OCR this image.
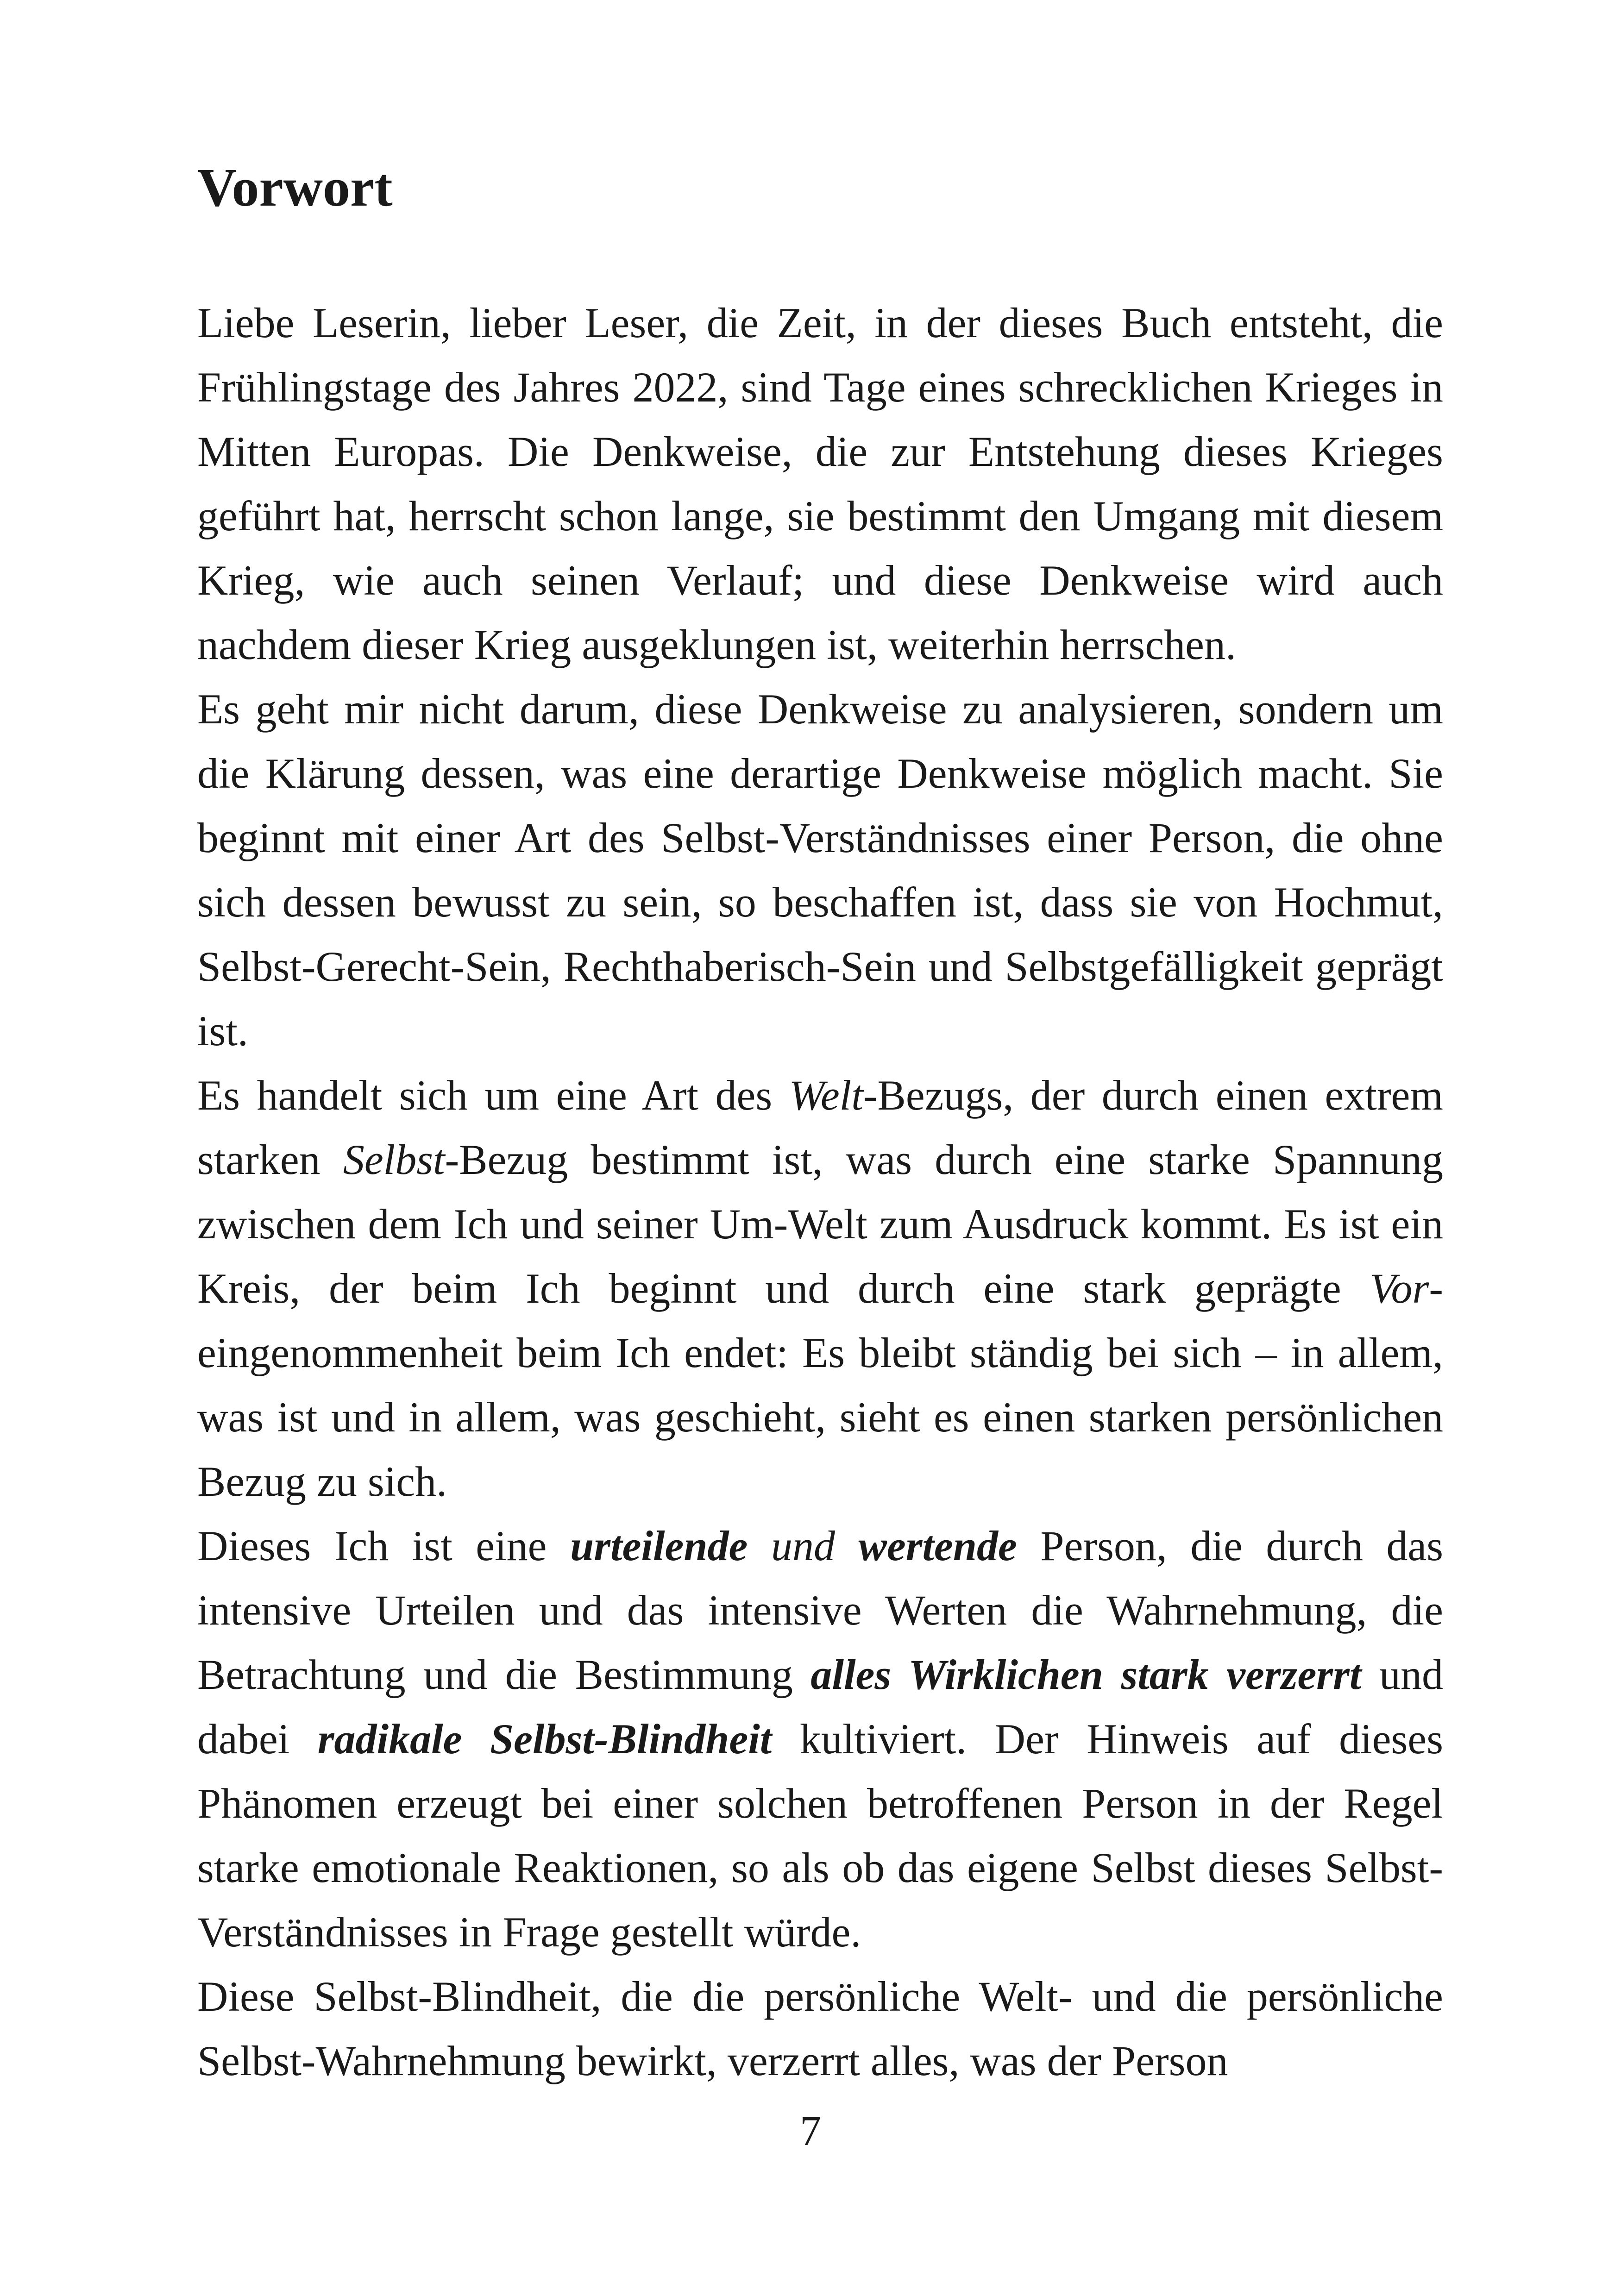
Vorwort

Liebe Leserin, lieber Leser, die Zeit, in der dieses Buch entsteht, die Frühlingstage des Jahres 2022, sind Tage eines schrecklichen Krieges in Mitten Europas. Die Denkweise, die zur Entstehung dieses Krieges geführt hat, herrscht schon lange, sie bestimmt den Umgang mit diesem Krieg, wie auch seinen Verlauf; und diese Denkweise wird auch nachdem dieser Krieg ausgeklungen ist, weiterhin herrschen.

Es geht mir nicht darum, diese Denkweise zu analysieren, sondern um die Klärung dessen, was eine derartige Denkweise möglich macht. Sie beginnt mit einer Art des Selbst-Verständnisses einer Person, die ohne sich dessen bewusst zu sein, so beschaffen ist, dass sie von Hochmut, Selbst-Gerecht-Sein, Rechthaberisch-Sein und Selbstgefälligkeit geprägt ist.

Es handelt sich um eine Art des Welt-Bezugs, der durch einen extrem starken Selbst-Bezug bestimmt ist, was durch eine starke Spannung zwischen dem Ich und seiner Um-Welt zum Ausdruck kommt. Es ist ein Kreis, der beim Ich beginnt und durch eine stark geprägte Vor-eingenommenheit beim Ich endet: Es bleibt ständig bei sich – in allem, was ist und in allem, was geschieht, sieht es einen starken persönlichen Bezug zu sich.

Dieses Ich ist eine urteilende und wertende Person, die durch das intensive Urteilen und das intensive Werten die Wahrnehmung, die Betrachtung und die Bestimmung alles Wirklichen stark verzerrt und dabei radikale Selbst-Blindheit kultiviert. Der Hinweis auf dieses Phänomen erzeugt bei einer solchen betroffenen Person in der Regel starke emotionale Reaktionen, so als ob das eigene Selbst dieses Selbst-Verständnisses in Frage gestellt würde.

Diese Selbst-Blindheit, die die persönliche Welt- und die persönliche Selbst-Wahrnehmung bewirkt, verzerrt alles, was der Person

7
